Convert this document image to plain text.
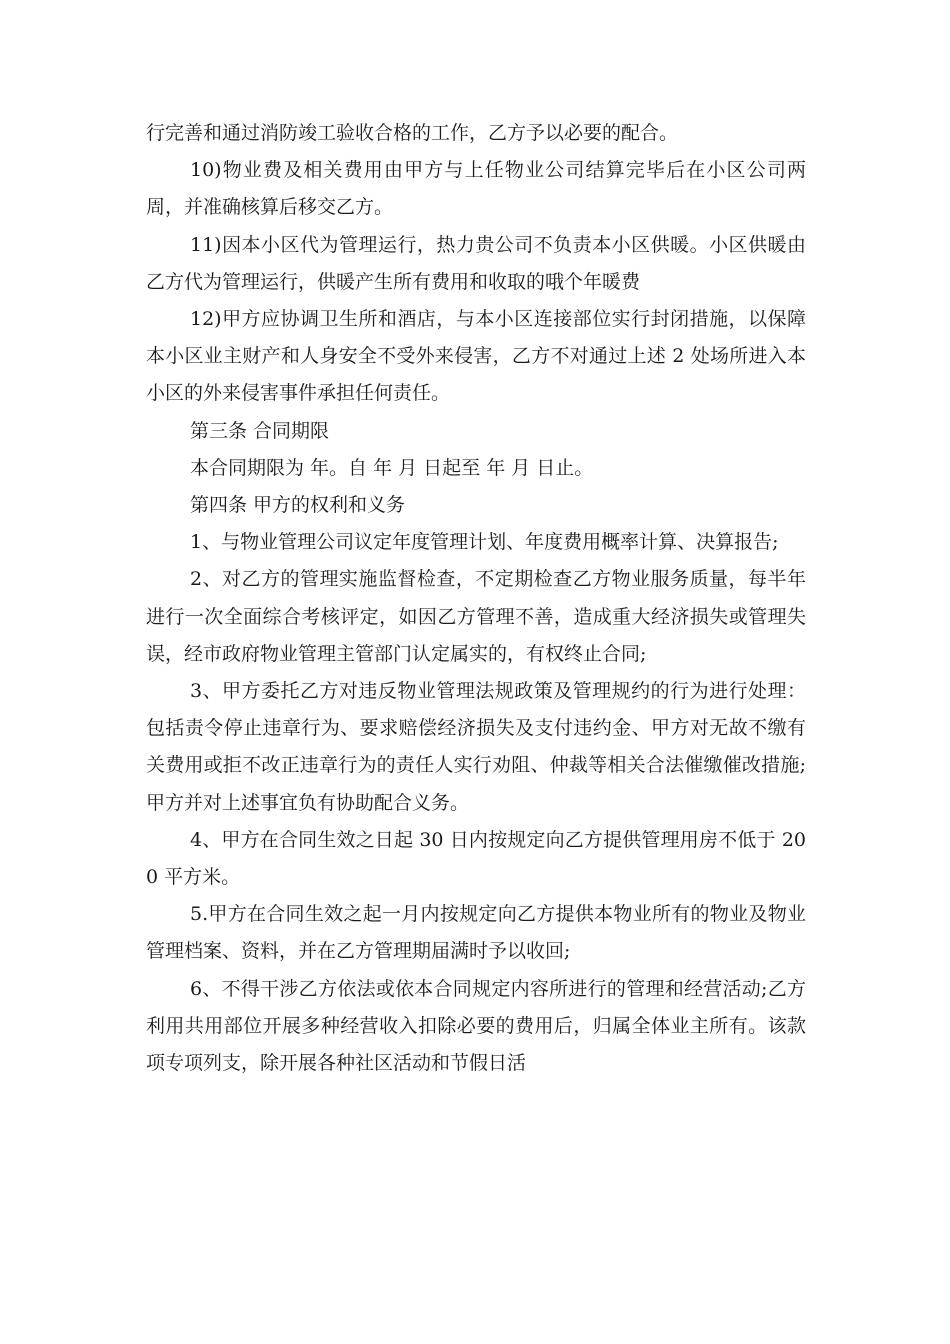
行完善和通过消防竣工验收合格的工作，乙方予以必要的配合。

10)物业费及相关费用由甲方与上任物业公司结算完毕后在小区公司两周，并准确核算后移交乙方。

11)因本小区代为管理运行，热力贵公司不负责本小区供暖。小区供暖由乙方代为管理运行，供暖产生所有费用和收取的哦个年暖费

12)甲方应协调卫生所和酒店，与本小区连接部位实行封闭措施，以保障本小区业主财产和人身安全不受外来侵害，乙方不对通过上述 2 处场所进入本小区的外来侵害事件承担任何责任。

第三条 合同期限

本合同期限为 年。自 年 月 日起至 年 月 日止。

第四条 甲方的权利和义务

1、与物业管理公司议定年度管理计划、年度费用概率计算、决算报告;

2、对乙方的管理实施监督检查，不定期检查乙方物业服务质量，每半年进行一次全面综合考核评定，如因乙方管理不善，造成重大经济损失或管理失误，经市政府物业管理主管部门认定属实的，有权终止合同;

3、甲方委托乙方对违反物业管理法规政策及管理规约的行为进行处理：包括责令停止违章行为、要求赔偿经济损失及支付违约金、甲方对无故不缴有关费用或拒不改正违章行为的责任人实行劝阻、仲裁等相关合法催缴催改措施;甲方并对上述事宜负有协助配合义务。

4、甲方在合同生效之日起 30 日内按规定向乙方提供管理用房不低于 200 平方米。

5.甲方在合同生效之起一月内按规定向乙方提供本物业所有的物业及物业管理档案、资料，并在乙方管理期届满时予以收回;

6、不得干涉乙方依法或依本合同规定内容所进行的管理和经营活动;乙方利用共用部位开展多种经营收入扣除必要的费用后，归属全体业主所有。该款项专项列支，除开展各种社区活动和节假日活
